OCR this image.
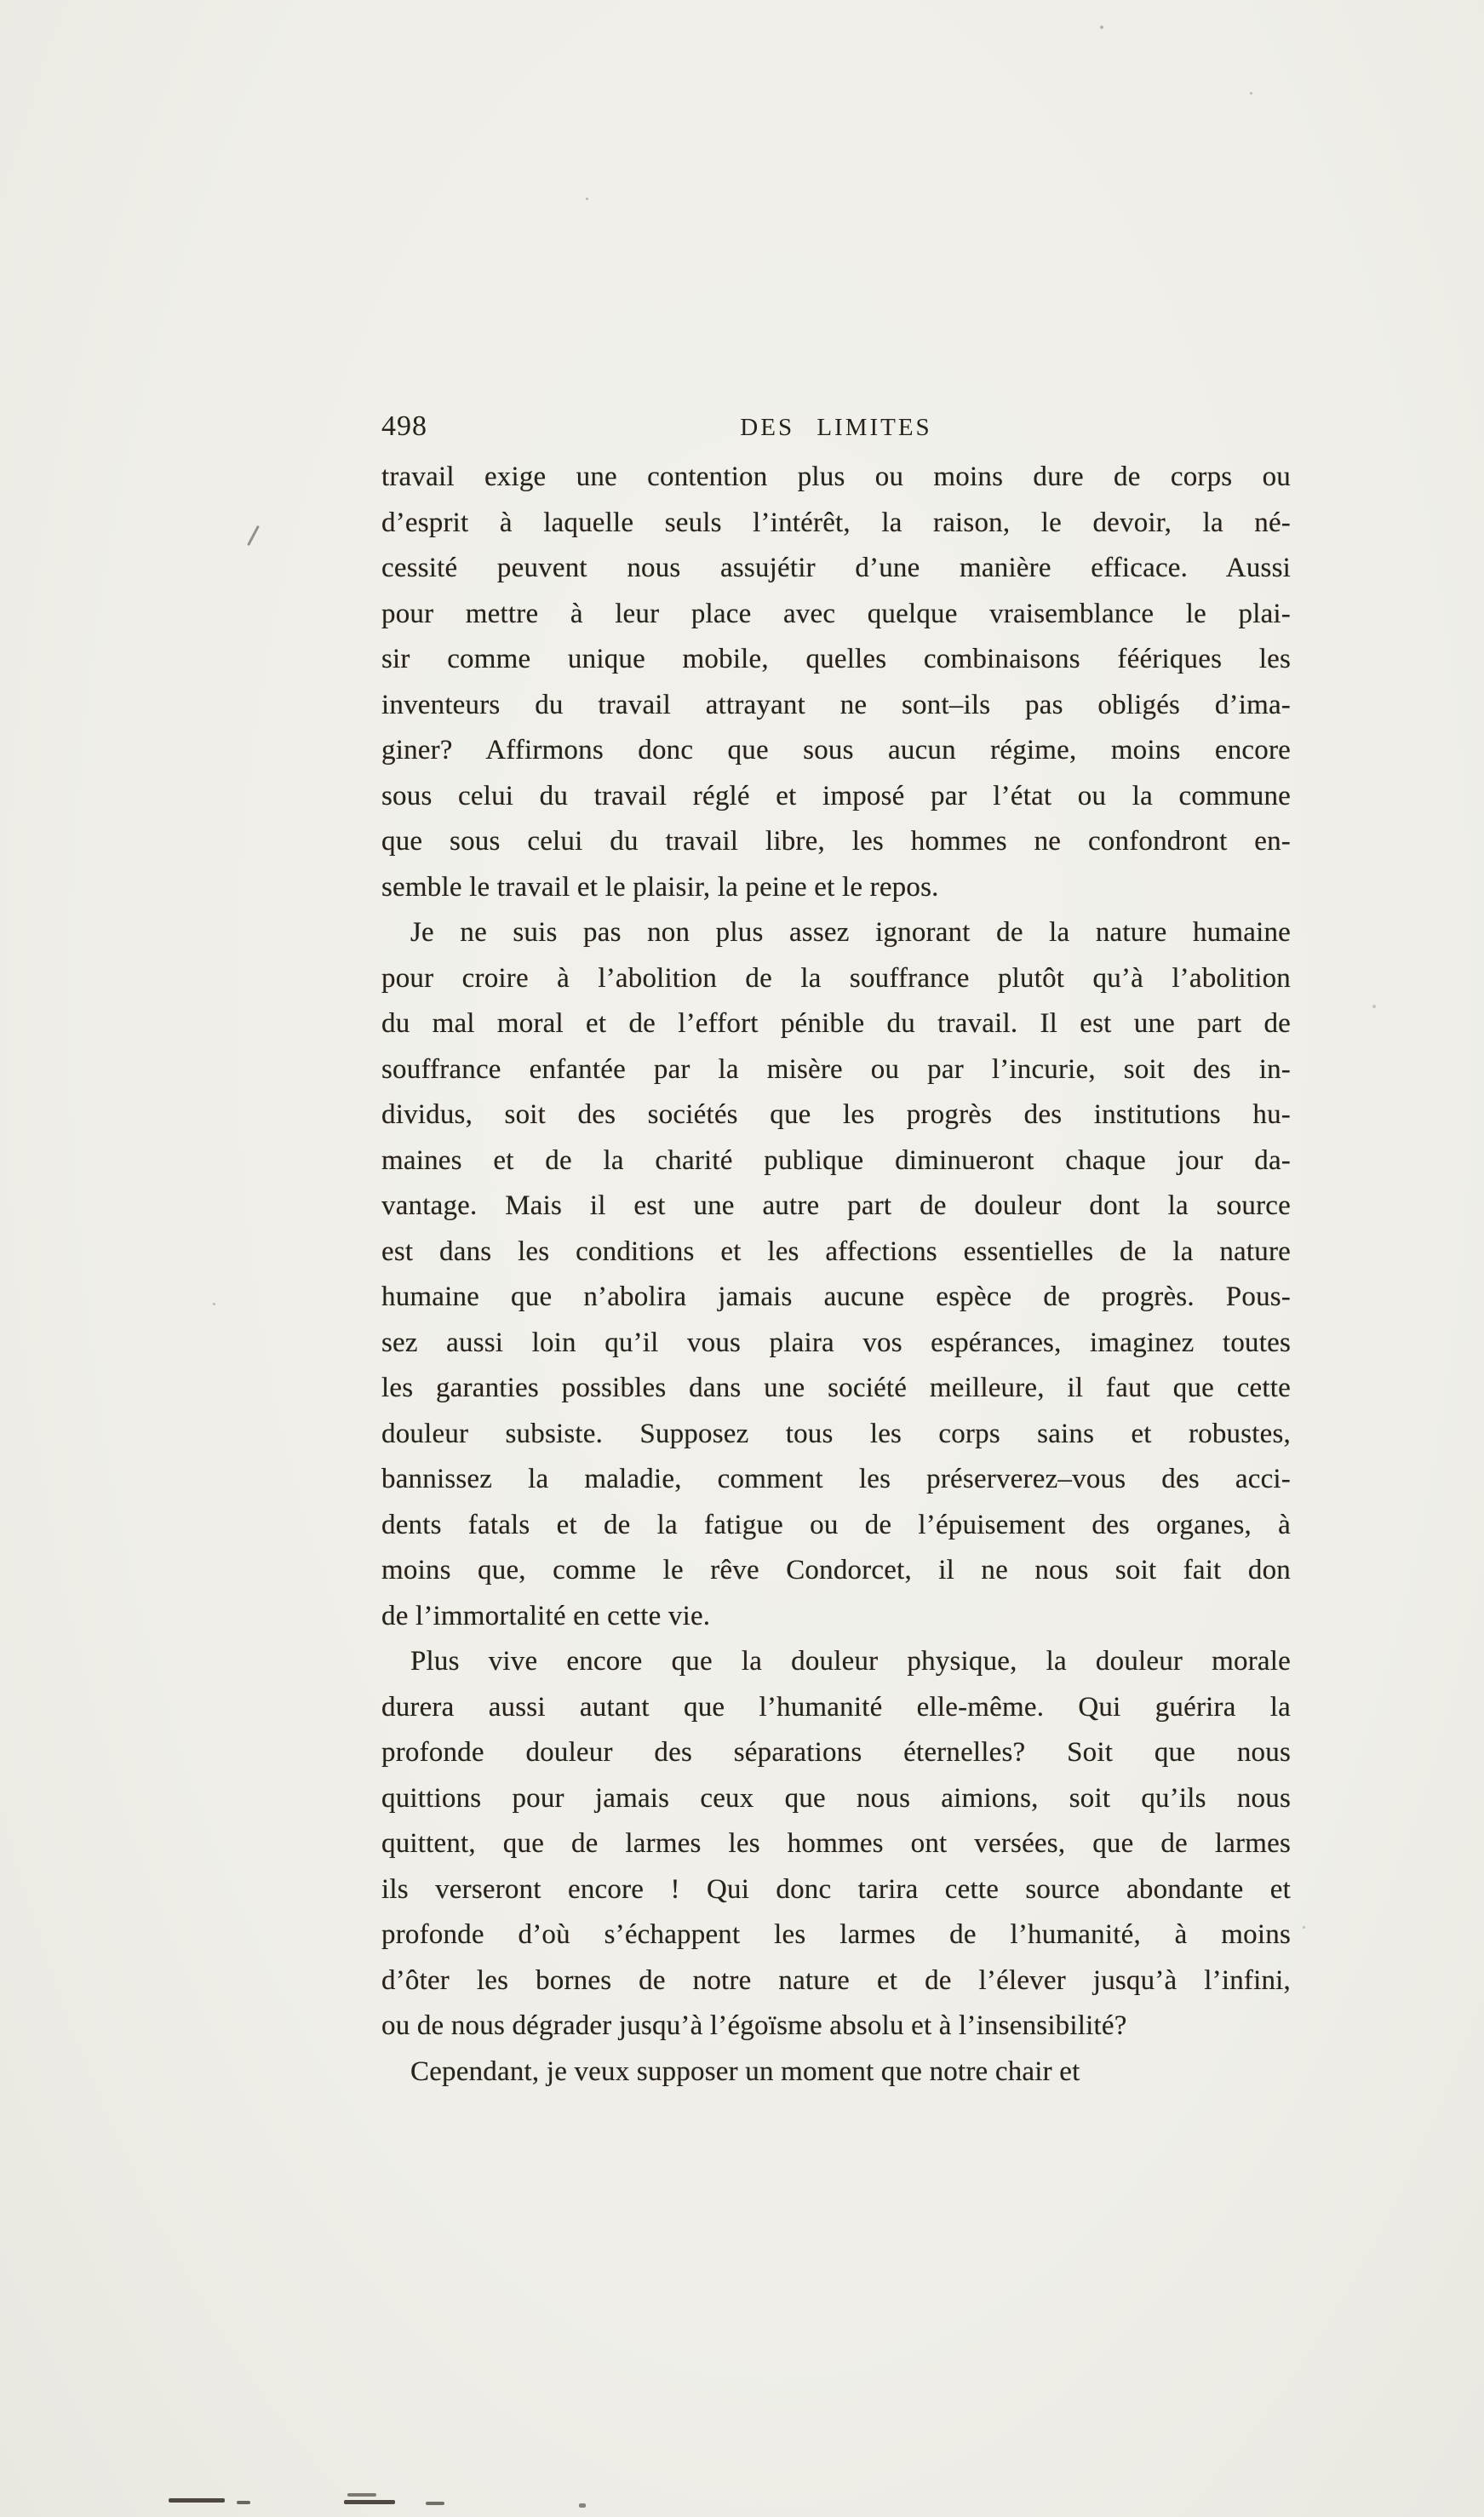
498	DES LIMITES
travail exige une contention plus ou moins dure de corps ou
d’esprit à laquelle seuls l’intérêt, la raison, le devoir, la né-
cessité peuvent nous assujétir d’une manière efficace. Aussi
pour mettre à leur place avec quelque vraisemblance le plai-
sir comme unique mobile, quelles combinaisons féériques les
inventeurs du travail attrayant ne sont–ils pas obligés d’ima-
giner? Affirmons donc que sous aucun régime, moins encore
sous celui du travail réglé et imposé par l’état ou la commune
que sous celui du travail libre, les hommes ne confondront en-
semble le travail et le plaisir, la peine et le repos.
Je ne suis pas non plus assez ignorant de la nature humaine
pour croire à l’abolition de la souffrance plutôt qu’à l’abolition
du mal moral et de l’effort pénible du travail. Il est une part de
souffrance enfantée par la misère ou par l’incurie, soit des in-
dividus, soit des sociétés que les progrès des institutions hu-
maines et de la charité publique diminueront chaque jour da-
vantage. Mais il est une autre part de douleur dont la source
est dans les conditions et les affections essentielles de la nature
humaine que n’abolira jamais aucune espèce de progrès. Pous-
sez aussi loin qu’il vous plaira vos espérances, imaginez toutes
les garanties possibles dans une société meilleure, il faut que cette
douleur subsiste. Supposez tous les corps sains et robustes,
bannissez la maladie, comment les préserverez–vous des acci-
dents fatals et de la fatigue ou de l’épuisement des organes, à
moins que, comme le rêve Condorcet, il ne nous soit fait don
de l’immortalité en cette vie.
Plus vive encore que la douleur physique, la douleur morale
durera aussi autant que l’humanité elle-même. Qui guérira la
profonde douleur des séparations éternelles? Soit que nous
quittions pour jamais ceux que nous aimions, soit qu’ils nous
quittent, que de larmes les hommes ont versées, que de larmes
ils verseront encore ! Qui donc tarira cette source abondante et
profonde d’où s’échappent les larmes de l’humanité, à moins
d’ôter les bornes de notre nature et de l’élever jusqu’à l’infini,
ou de nous dégrader jusqu’à l’égoïsme absolu et à l’insensibilité?
Cependant, je veux supposer un moment que notre chair et
